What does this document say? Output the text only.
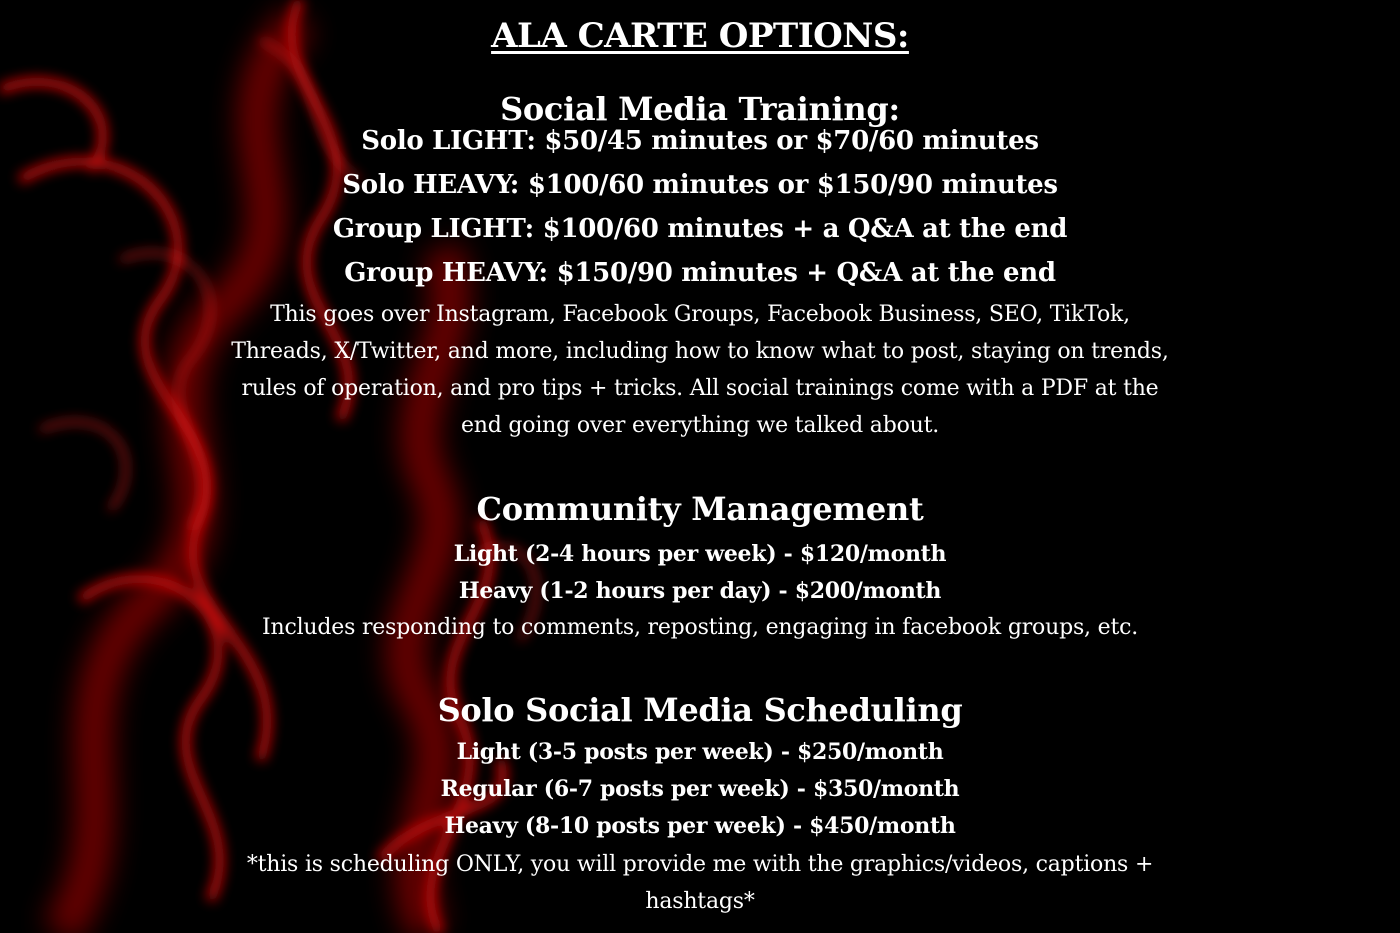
ALA CARTE OPTIONS:
Social Media Training:
Solo LIGHT: $50/45 minutes or $70/60 minutes
Solo HEAVY: $100/60 minutes or $150/90 minutes
Group LIGHT: $100/60 minutes + a Q&A at the end
Group HEAVY: $150/90 minutes + Q&A at the end

This goes over Instagram, Facebook Groups, Facebook Business, SEO, TikTok, Threads, X/Twitter, and more, including how to know what to post, staying on trends, rules of operation, and pro tips + tricks. All social trainings come with a PDF at the end going over everything we talked about.

Community Management
Light (2-4 hours per week) - $120/month
Heavy (1-2 hours per day) - $200/month
Includes responding to comments, reposting, engaging in facebook groups, etc.
Solo Social Media Scheduling
Light (3-5 posts per week) - $250/month
Regular (6-7 posts per week) - $350/month
Heavy (8-10 posts per week) - $450/month

*this is scheduling ONLY, you will provide me with the graphics/videos, captions + hashtags*
